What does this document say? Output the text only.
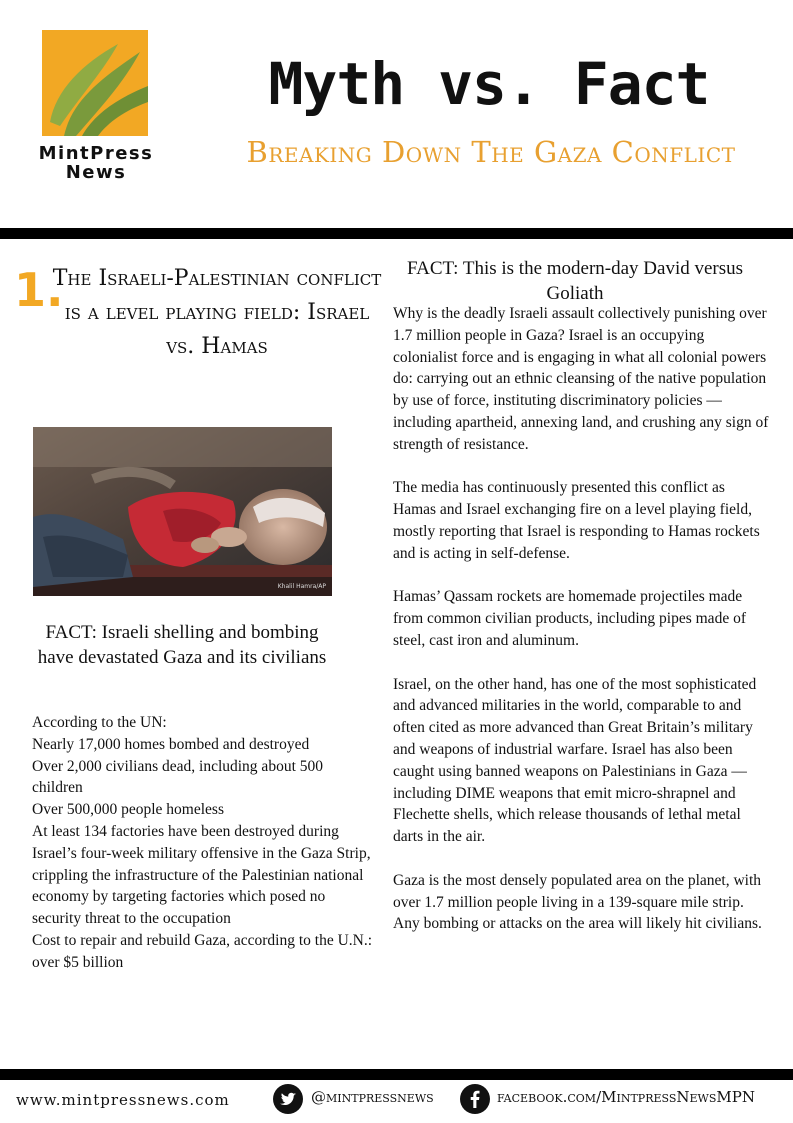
MintPress
News
Myth vs. Fact
Breaking Down The Gaza Conflict
1.
The Israeli-Palestinian conflict is a level playing field: Israel vs. Hamas
Khalil Hamra/AP
FACT: Israeli shelling and bombing have devastated Gaza and its civilians

According to the UN:

Nearly 17,000 homes bombed and destroyed

Over 2,000 civilians dead, including about 500 children

Over 500,000 people homeless

At least 134 factories have been destroyed during Israel’s four-week military offensive in the Gaza Strip, crippling the infrastructure of the Palestinian national economy by targeting factories which posed no security threat to the occupation

Cost to repair and rebuild Gaza, according to the U.N.: over $5 billion

FACT: This is the modern-day David versus Goliath

Why is the deadly Israeli assault collectively punishing over 1.7 million people in Gaza? Israel is an occupying colonialist force and is engaging in what all colonial powers do: carrying out an ethnic cleansing of the native population by use of force, instituting discriminatory policies — including apartheid, annexing land, and crushing any sign of strength of resistance.

The media has continuously presented this conflict as Hamas and Israel exchanging fire on a level playing field, mostly reporting that Israel is responding to Hamas rockets and is acting in self-defense.

Hamas’ Qassam rockets are homemade projectiles made from common civilian products, including pipes made of steel, cast iron and aluminum.

Israel, on the other hand, has one of the most sophisticated and advanced militaries in the world, comparable to and often cited as more advanced than Great Britain’s military and weapons of industrial warfare. Israel has also been caught using banned weapons on Palestinians in Gaza — including DIME weapons that emit micro-shrapnel and Flechette shells, which release thousands of lethal metal darts in the air.

Gaza is the most densely populated area on the planet, with over 1.7 million people living in a 139-square mile strip. Any bombing or attacks on the area will likely hit civilians.

www.mintpressnews.com	@mintpressnews	facebook.com/MintpressNewsMPN
